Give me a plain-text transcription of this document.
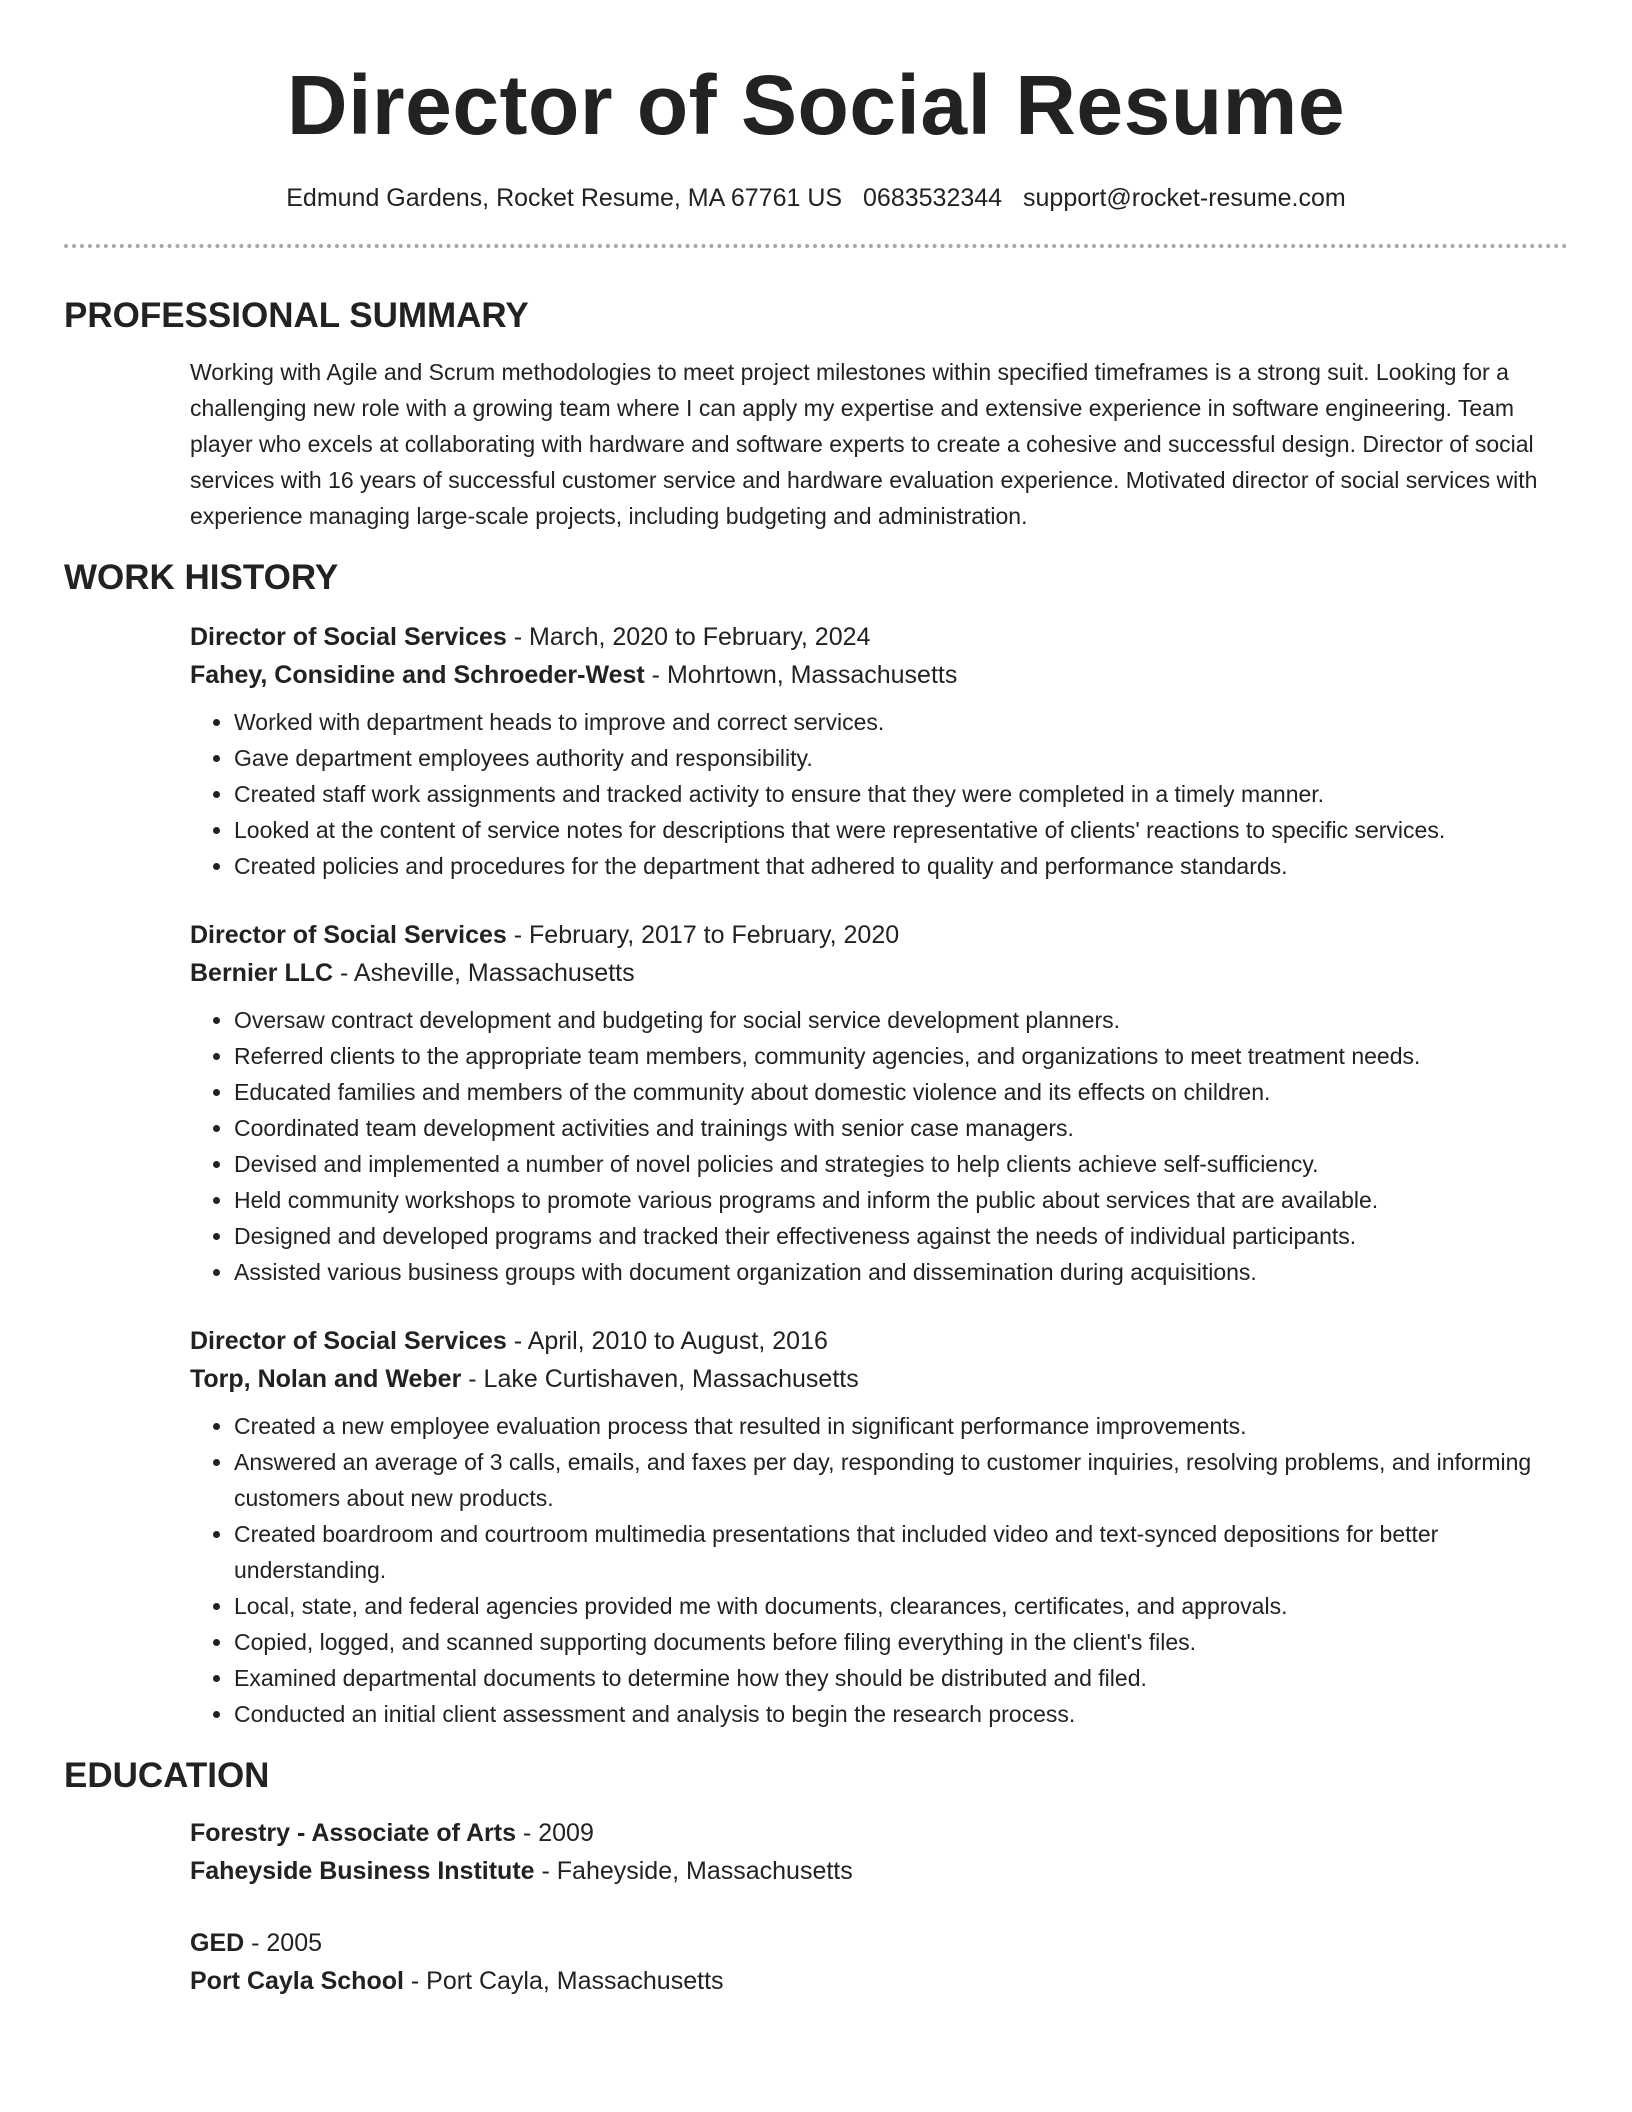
Director of Social Resume
Edmund Gardens, Rocket Resume, MA 67761 US 0683532344 support@rocket-resume.com
PROFESSIONAL SUMMARY

Working with Agile and Scrum methodologies to meet project milestones within specified timeframes is a strong suit. Looking for a challenging new role with a growing team where I can apply my expertise and extensive experience in software engineering. Team player who excels at collaborating with hardware and software experts to create a cohesive and successful design. Director of social services with 16 years of successful customer service and hardware evaluation experience. Motivated director of social services with experience managing large-scale projects, including budgeting and administration.

WORK HISTORY

Director of Social Services - March, 2020 to February, 2024

Fahey, Considine and Schroeder-West - Mohrtown, Massachusetts

• Worked with department heads to improve and correct services.
• Gave department employees authority and responsibility.
• Created staff work assignments and tracked activity to ensure that they were completed in a timely manner.
• Looked at the content of service notes for descriptions that were representative of clients' reactions to specific services.
• Created policies and procedures for the department that adhered to quality and performance standards.

Director of Social Services - February, 2017 to February, 2020

Bernier LLC - Asheville, Massachusetts

• Oversaw contract development and budgeting for social service development planners.
• Referred clients to the appropriate team members, community agencies, and organizations to meet treatment needs.
• Educated families and members of the community about domestic violence and its effects on children.
• Coordinated team development activities and trainings with senior case managers.
• Devised and implemented a number of novel policies and strategies to help clients achieve self-sufficiency.
• Held community workshops to promote various programs and inform the public about services that are available.
• Designed and developed programs and tracked their effectiveness against the needs of individual participants.
• Assisted various business groups with document organization and dissemination during acquisitions.

Director of Social Services - April, 2010 to August, 2016

Torp, Nolan and Weber - Lake Curtishaven, Massachusetts

• Created a new employee evaluation process that resulted in significant performance improvements.
• Answered an average of 3 calls, emails, and faxes per day, responding to customer inquiries, resolving problems, and informing customers about new products.
• Created boardroom and courtroom multimedia presentations that included video and text-synced depositions for better understanding.
• Local, state, and federal agencies provided me with documents, clearances, certificates, and approvals.
• Copied, logged, and scanned supporting documents before filing everything in the client's files.
• Examined departmental documents to determine how they should be distributed and filed.
• Conducted an initial client assessment and analysis to begin the research process.
EDUCATION

Forestry - Associate of Arts - 2009

Faheyside Business Institute - Faheyside, Massachusetts

GED - 2005

Port Cayla School - Port Cayla, Massachusetts
